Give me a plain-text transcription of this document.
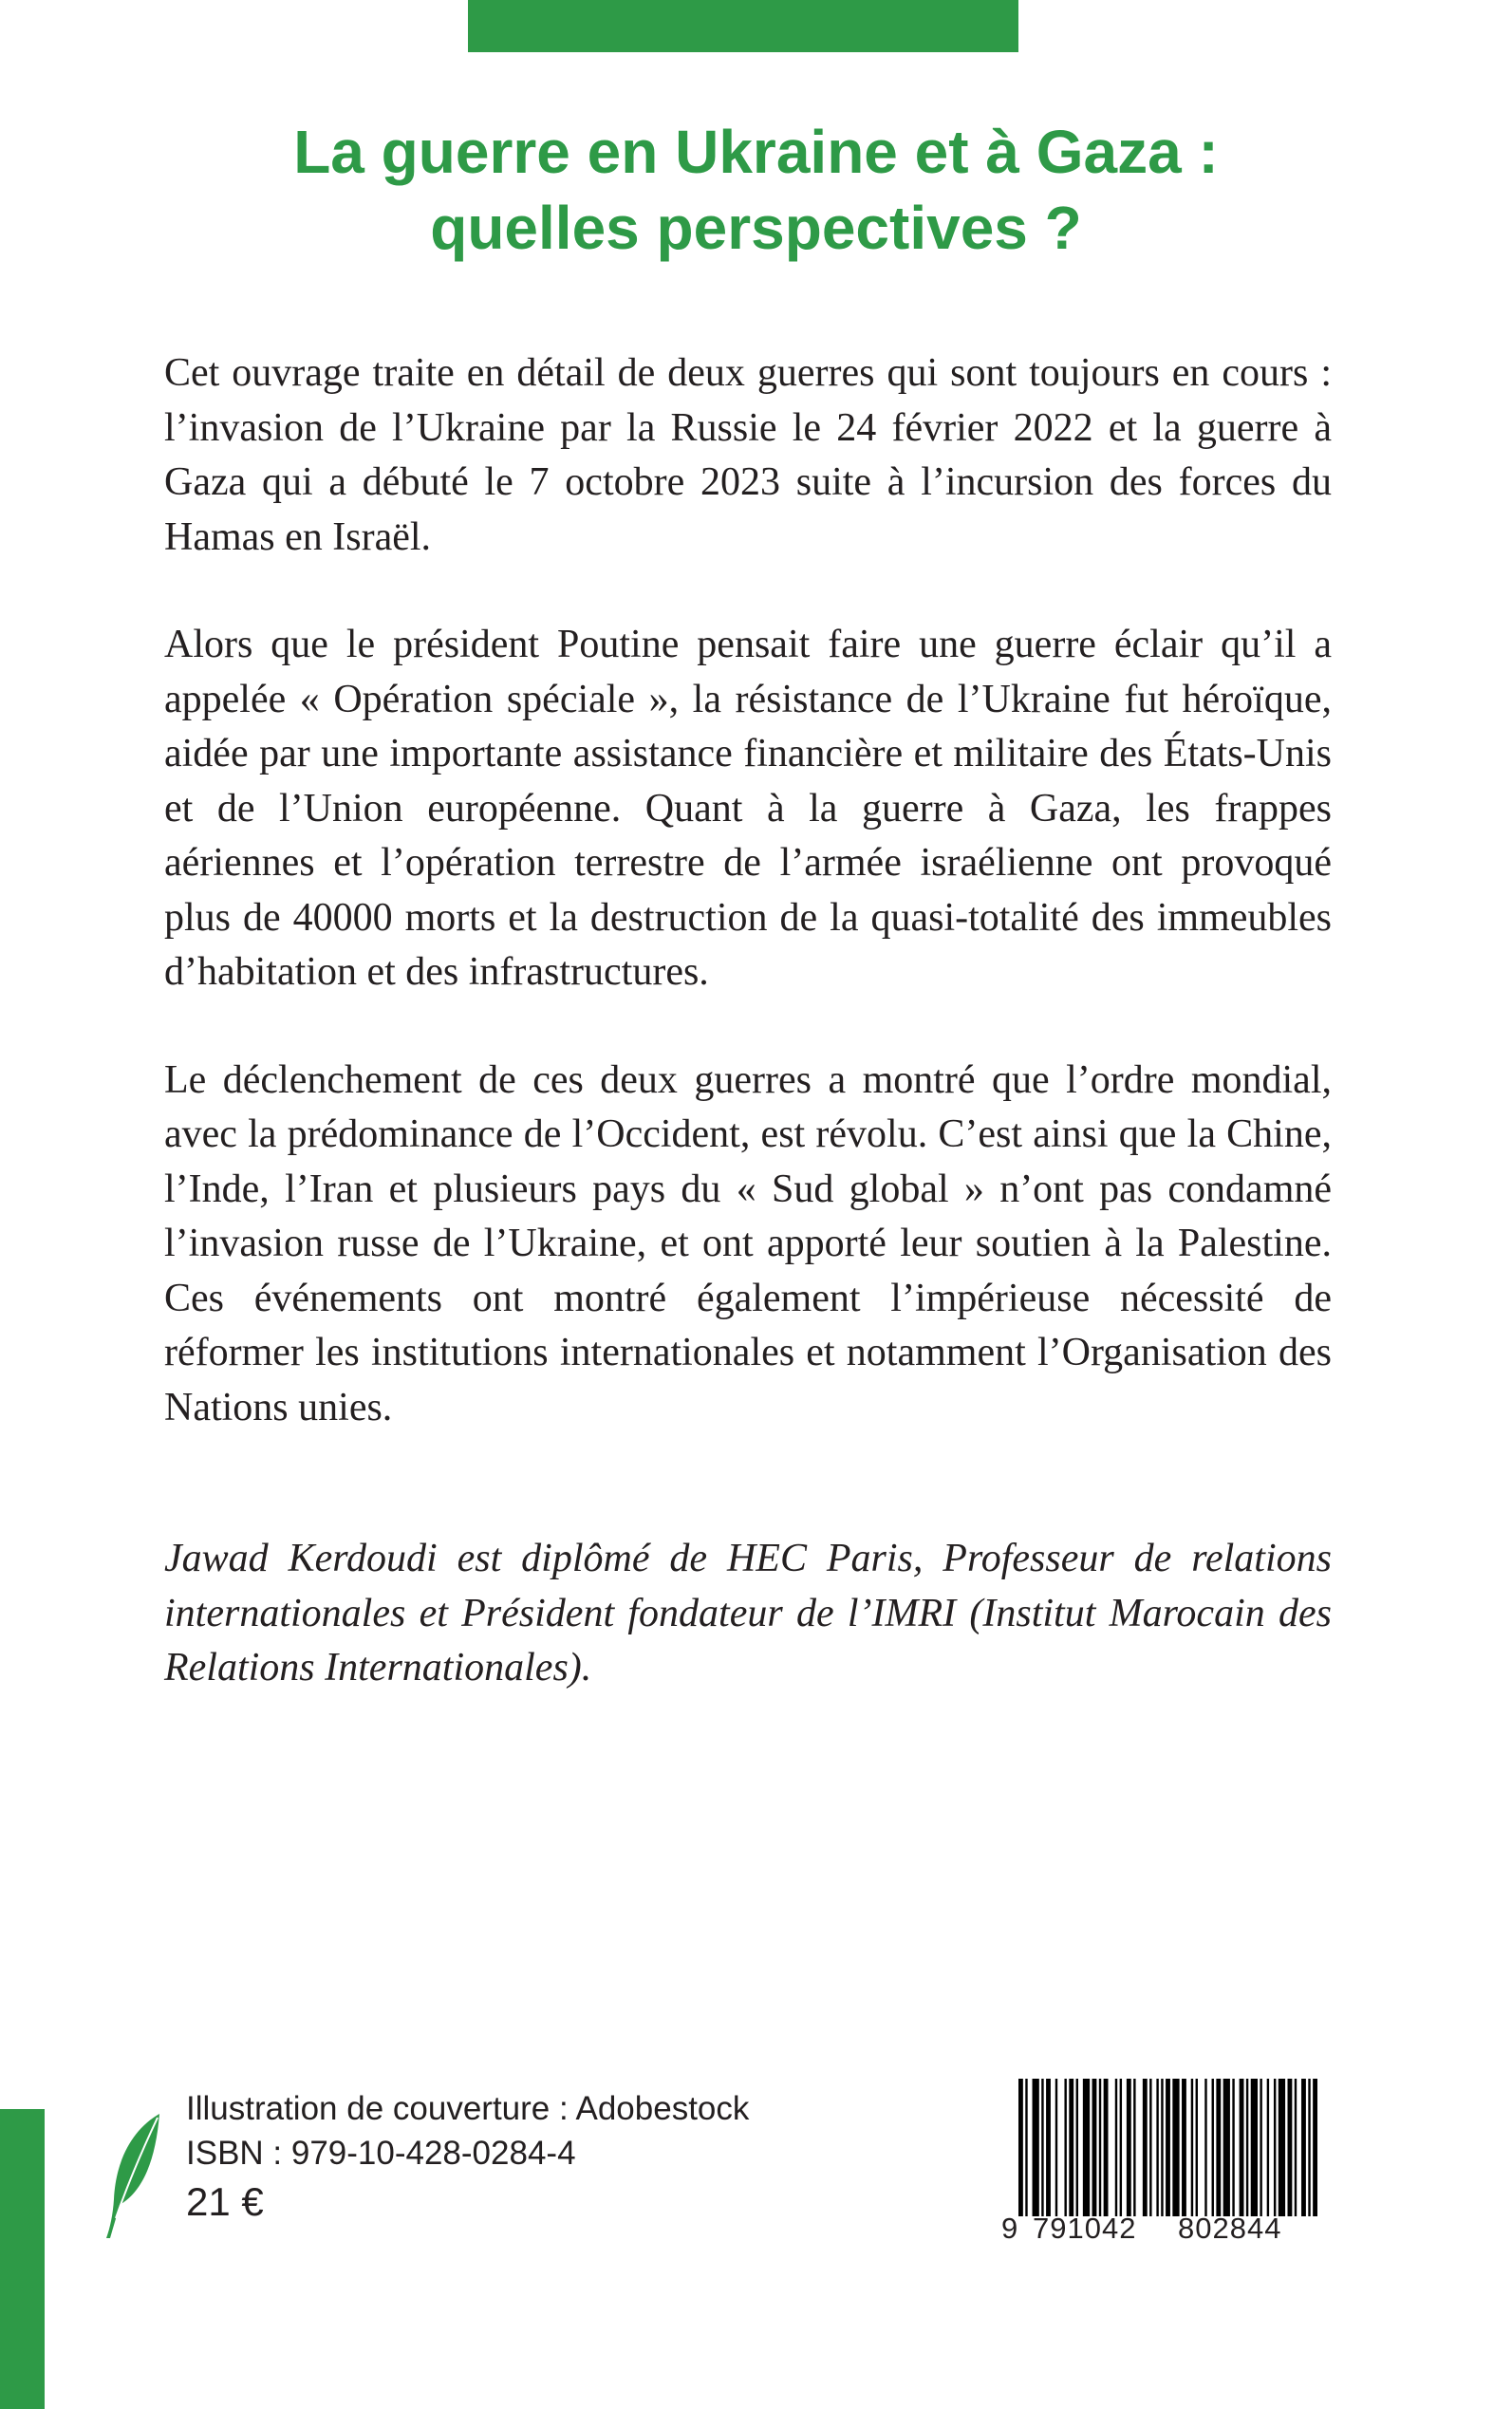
La guerre en Ukraine et à Gaza :
quelles perspectives ?

Cet ouvrage traite en détail de deux guerres qui sont toujours en cours : l’invasion de l’Ukraine par la Russie le 24 février 2022 et la guerre à Gaza qui a débuté le 7 octobre 2023 suite à l’incursion des forces du Hamas en Israël.

Alors que le président Poutine pensait faire une guerre éclair qu’il a appelée « Opération spéciale », la résistance de l’Ukraine fut héroïque, aidée par une importante assistance financière et militaire des États-Unis et de l’Union européenne. Quant à la guerre à Gaza, les frappes aériennes et l’opération terrestre de l’armée israélienne ont provoqué plus de 40000 morts et la destruction de la quasi-totalité des immeubles d’habitation et des infrastructures.

Le déclenchement de ces deux guerres a montré que l’ordre mondial, avec la prédominance de l’Occident, est révolu. C’est ainsi que la Chine, l’Inde, l’Iran et plusieurs pays du « Sud global » n’ont pas condamné l’invasion russe de l’Ukraine, et ont apporté leur soutien à la Palestine. Ces événements ont montré également l’impérieuse nécessité de réformer les institutions internationales et notamment l’Organisation des Nations unies.

Jawad Kerdoudi est diplômé de HEC Paris, Professeur de relations internationales et Président fondateur de l’IMRI (Institut Marocain des Relations Internationales).

Illustration de couverture : Adobestock
ISBN : 979-10-428-0284-4
21 €
9 791042 802844
